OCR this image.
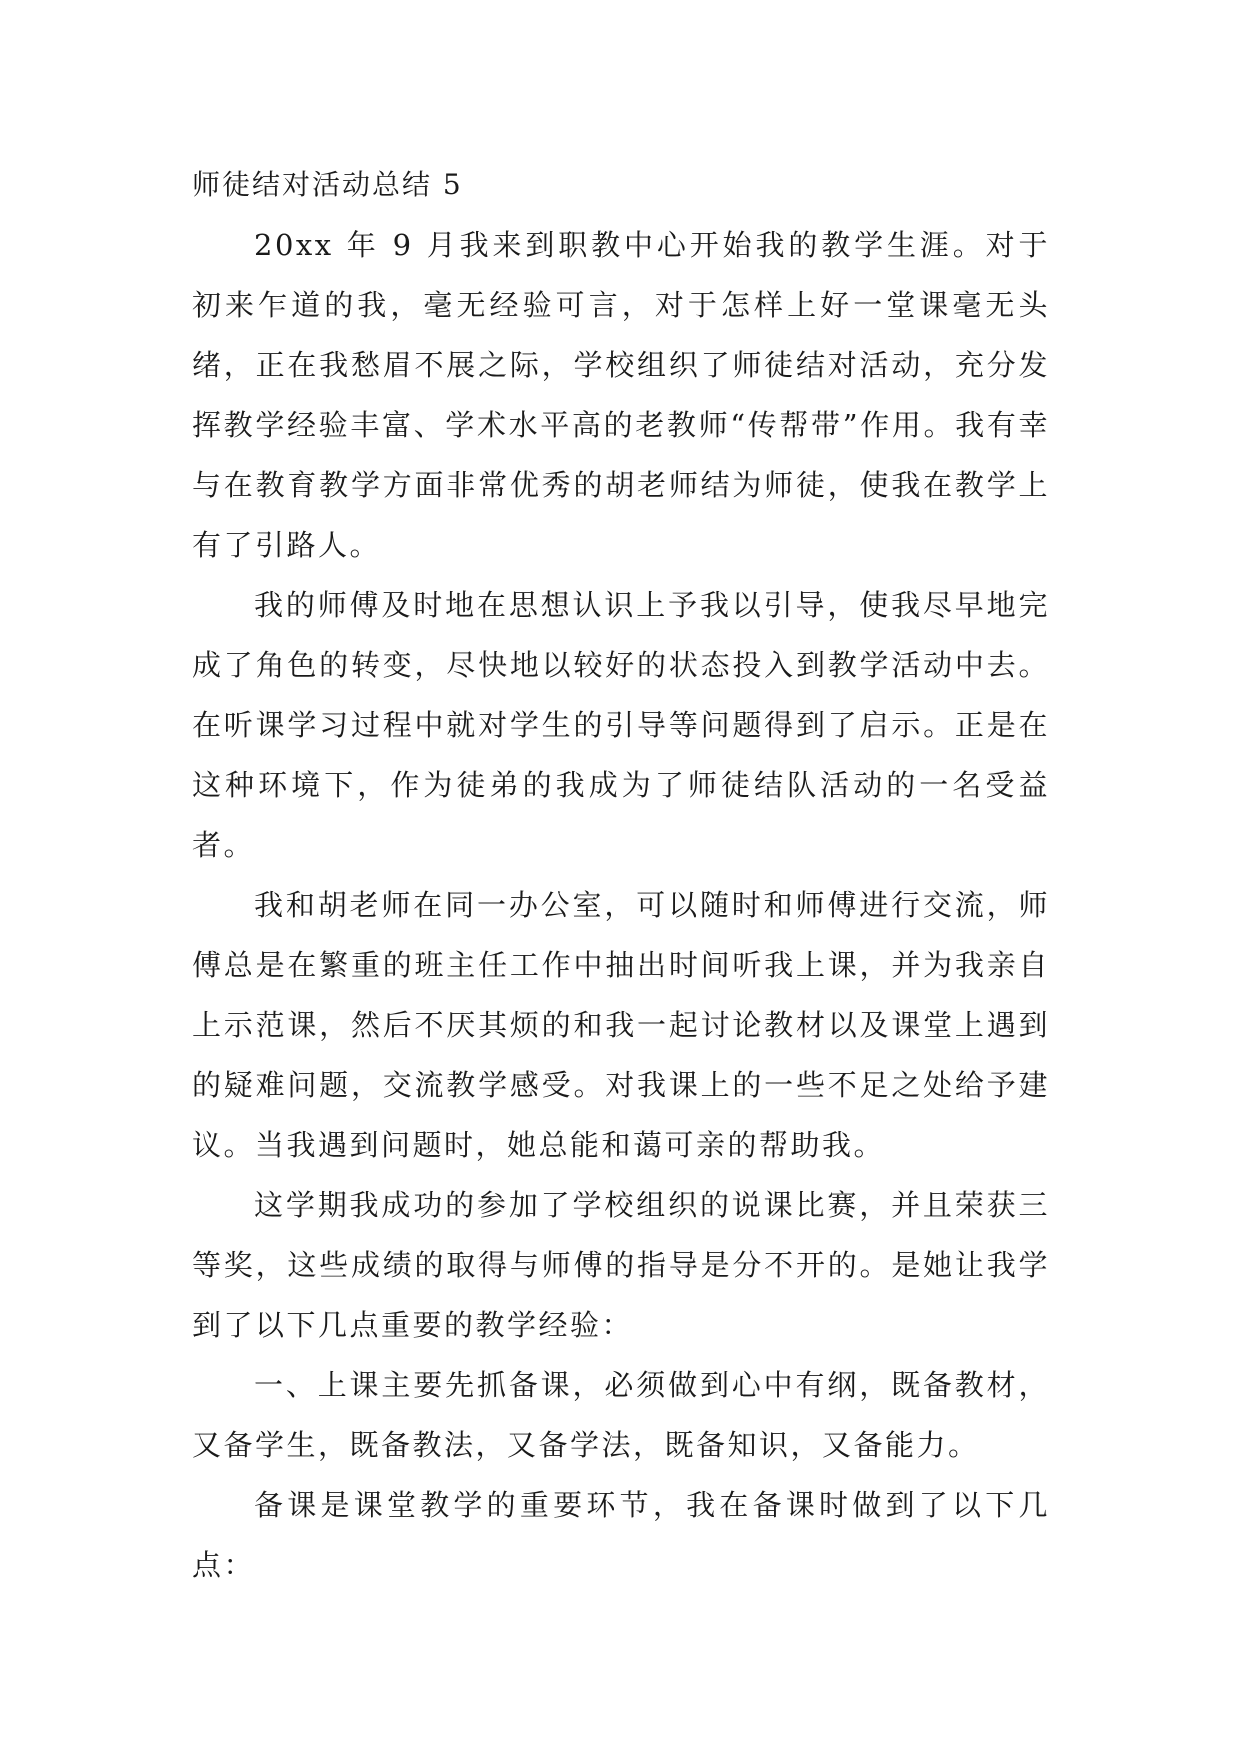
师徒结对活动总结 5

20xx 年 9 月我来到职教中心开始我的教学生涯。对于初来乍道的我，毫无经验可言，对于怎样上好一堂课毫无头绪，正在我愁眉不展之际，学校组织了师徒结对活动，充分发挥教学经验丰富、学术水平高的老教师“传帮带”作用。我有幸与在教育教学方面非常优秀的胡老师结为师徒，使我在教学上有了引路人。

我的师傅及时地在思想认识上予我以引导，使我尽早地完成了角色的转变，尽快地以较好的状态投入到教学活动中去。在听课学习过程中就对学生的引导等问题得到了启示。正是在这种环境下，作为徒弟的我成为了师徒结队活动的一名受益者。

我和胡老师在同一办公室，可以随时和师傅进行交流，师傅总是在繁重的班主任工作中抽出时间听我上课，并为我亲自上示范课，然后不厌其烦的和我一起讨论教材以及课堂上遇到的疑难问题，交流教学感受。对我课上的一些不足之处给予建议。当我遇到问题时，她总能和蔼可亲的帮助我。

这学期我成功的参加了学校组织的说课比赛，并且荣获三等奖，这些成绩的取得与师傅的指导是分不开的。是她让我学到了以下几点重要的教学经验：

一、上课主要先抓备课，必须做到心中有纲，既备教材，又备学生，既备教法，又备学法，既备知识，又备能力。

备课是课堂教学的重要环节，我在备课时做到了以下几点：
